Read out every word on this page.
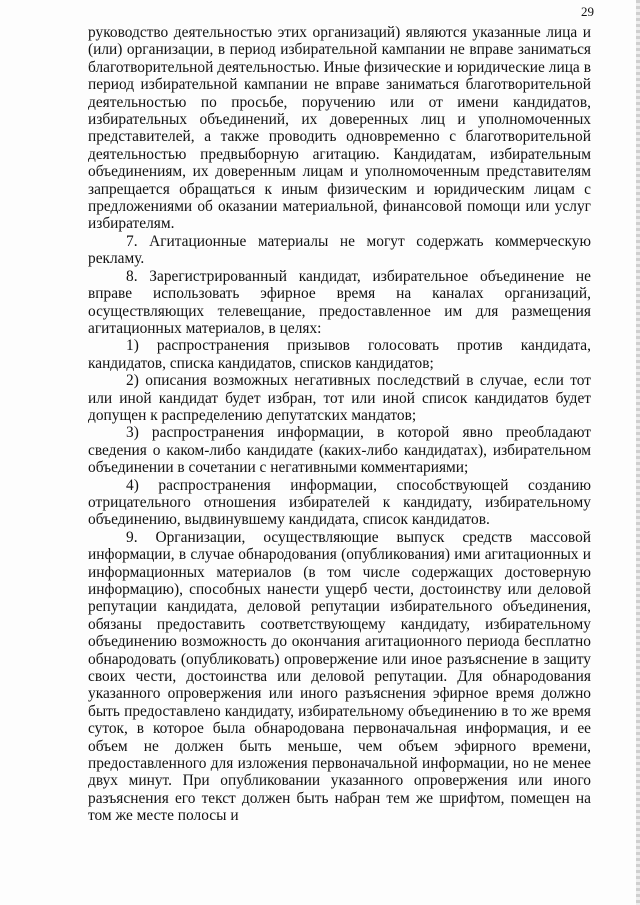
29

руководство деятельностью этих организаций) являются указанные лица и (или) организации, в период избирательной кампании не вправе заниматься благотворительной деятельностью. Иные физические и юридические лица в период избирательной кампании не вправе заниматься благотворительной деятельностью по просьбе, поручению или от имени кандидатов, избирательных объединений, их доверенных лиц и уполномоченных представителей, а также проводить одновременно с благотворительной деятельностью предвыборную агитацию. Кандидатам, избирательным объединениям, их доверенным лицам и уполномоченным представителям запрещается обращаться к иным физическим и юридическим лицам с предложениями об оказании материальной, финансовой помощи или услуг избирателям.

7. Агитационные материалы не могут содержать коммерческую рекламу.

8. Зарегистрированный кандидат, избирательное объединение не вправе использовать эфирное время на каналах организаций, осуществляющих телевещание, предоставленное им для размещения агитационных материалов, в целях:

1) распространения призывов голосовать против кандидата, кандидатов, списка кандидатов, списков кандидатов;

2) описания возможных негативных последствий в случае, если тот или иной кандидат будет избран, тот или иной список кандидатов будет допущен к распределению депутатских мандатов;

3) распространения информации, в которой явно преобладают сведения о каком-либо кандидате (каких-либо кандидатах), избирательном объединении в сочетании с негативными комментариями;

4) распространения информации, способствующей созданию отрицательного отношения избирателей к кандидату, избирательному объединению, выдвинувшему кандидата, список кандидатов.

9. Организации, осуществляющие выпуск средств массовой информации, в случае обнародования (опубликования) ими агитационных и информационных материалов (в том числе содержащих достоверную информацию), способных нанести ущерб чести, достоинству или деловой репутации кандидата, деловой репутации избирательного объединения, обязаны предоставить соответствующему кандидату, избирательному объединению возможность до окончания агитационного периода бесплатно обнародовать (опубликовать) опровержение или иное разъяснение в защиту своих чести, достоинства или деловой репутации. Для обнародования указанного опровержения или иного разъяснения эфирное время должно быть предоставлено кандидату, избирательному объединению в то же время суток, в которое была обнародована первоначальная информация, и ее объем не должен быть меньше, чем объем эфирного времени, предоставленного для изложения первоначальной информации, но не менее двух минут. При опубликовании указанного опровержения или иного разъяснения его текст должен быть набран тем же шрифтом, помещен на том же месте полосы и
